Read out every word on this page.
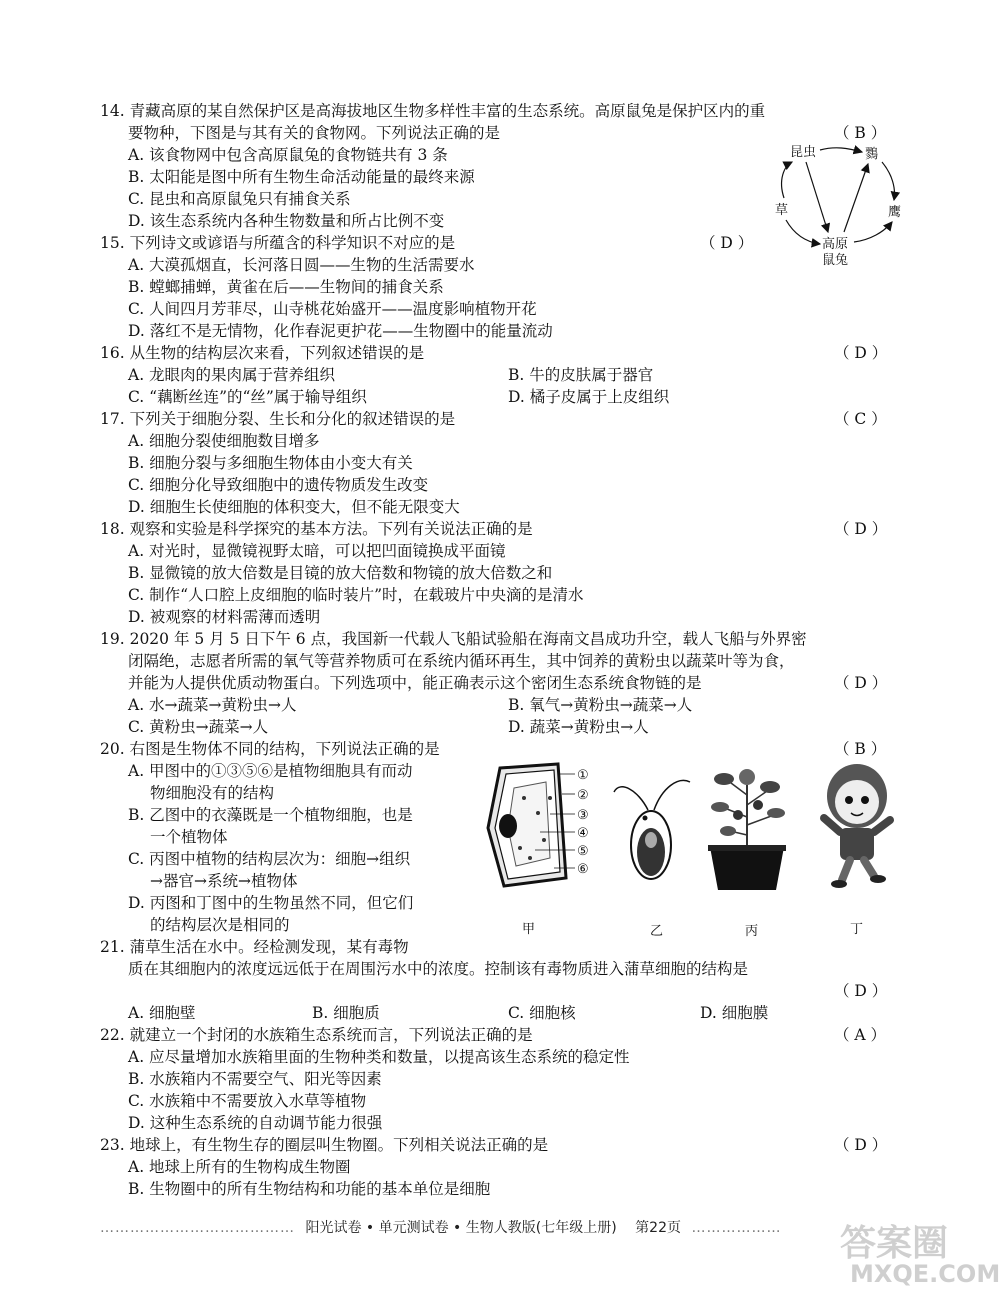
14. 青藏高原的某自然保护区是高海拔地区生物多样性丰富的生态系统。高原鼠兔是保护区内的重
要物种，下图是与其有关的食物网。下列说法正确的是	（ B ）
A. 该食物网中包含高原鼠兔的食物链共有 3 条
B. 太阳能是图中所有生物生命活动能量的最终来源
C. 昆虫和高原鼠兔只有捕食关系
D. 该生态系统内各种生物数量和所占比例不变
昆虫	鷚
草	鹰
高原
鼠兔
15. 下列诗文或谚语与所蕴含的科学知识不对应的是	（ D ）
A. 大漠孤烟直，长河落日圆——生物的生活需要水
B. 螳螂捕蝉，黄雀在后——生物间的捕食关系
C. 人间四月芳菲尽，山寺桃花始盛开——温度影响植物开花
D. 落红不是无情物，化作春泥更护花——生物圈中的能量流动
16. 从生物的结构层次来看，下列叙述错误的是	（ D ）
A. 龙眼肉的果肉属于营养组织	B. 牛的皮肤属于器官
C. “藕断丝连”的“丝”属于输导组织	D. 橘子皮属于上皮组织
17. 下列关于细胞分裂、生长和分化的叙述错误的是	（ C ）
A. 细胞分裂使细胞数目增多
B. 细胞分裂与多细胞生物体由小变大有关
C. 细胞分化导致细胞中的遗传物质发生改变
D. 细胞生长使细胞的体积变大，但不能无限变大
18. 观察和实验是科学探究的基本方法。下列有关说法正确的是	（ D ）
A. 对光时，显微镜视野太暗，可以把凹面镜换成平面镜
B. 显微镜的放大倍数是目镜的放大倍数和物镜的放大倍数之和
C. 制作“人口腔上皮细胞的临时装片”时，在载玻片中央滴的是清水
D. 被观察的材料需薄而透明
19. 2020 年 5 月 5 日下午 6 点，我国新一代载人飞船试验船在海南文昌成功升空，载人飞船与外界密
闭隔绝，志愿者所需的氧气等营养物质可在系统内循环再生，其中饲养的黄粉虫以蔬菜叶等为食，
并能为人提供优质动物蛋白。下列选项中，能正确表示这个密闭生态系统食物链的是	（ D ）
A. 水→蔬菜→黄粉虫→人	B. 氧气→黄粉虫→蔬菜→人
C. 黄粉虫→蔬菜→人	D. 蔬菜→黄粉虫→人
20. 右图是生物体不同的结构，下列说法正确的是	（ B ）
A. 甲图中的①③⑤⑥是植物细胞具有而动
物细胞没有的结构
B. 乙图中的衣藻既是一个植物细胞，也是
一个植物体
C. 丙图中植物的结构层次为：细胞→组织
→器官→系统→植物体
D. 丙图和丁图中的生物虽然不同，但它们
的结构层次是相同的
①
②
③
④
⑤
⑥
甲	乙	丙	丁
21. 蒲草生活在水中。经检测发现，某有毒物
质在其细胞内的浓度远远低于在周围污水中的浓度。控制该有毒物质进入蒲草细胞的结构是
（ D ）
A. 细胞壁	B. 细胞质	C. 细胞核	D. 细胞膜
22. 就建立一个封闭的水族箱生态系统而言，下列说法正确的是	（ A ）
A. 应尽量增加水族箱里面的生物种类和数量，以提高该生态系统的稳定性
B. 水族箱内不需要空气、阳光等因素
C. 水族箱中不需要放入水草等植物
D. 这种生态系统的自动调节能力很强
23. 地球上，有生物生存的圈层叫生物圈。下列相关说法正确的是	（ D ）
A. 地球上所有的生物构成生物圈
B. 生物圈中的所有生物结构和功能的基本单位是细胞
………………………………… 阳光试卷 • 单元测试卷 • 生物人教版(七年级上册) 第22页 ………………	答案圈
MXQE.COM
